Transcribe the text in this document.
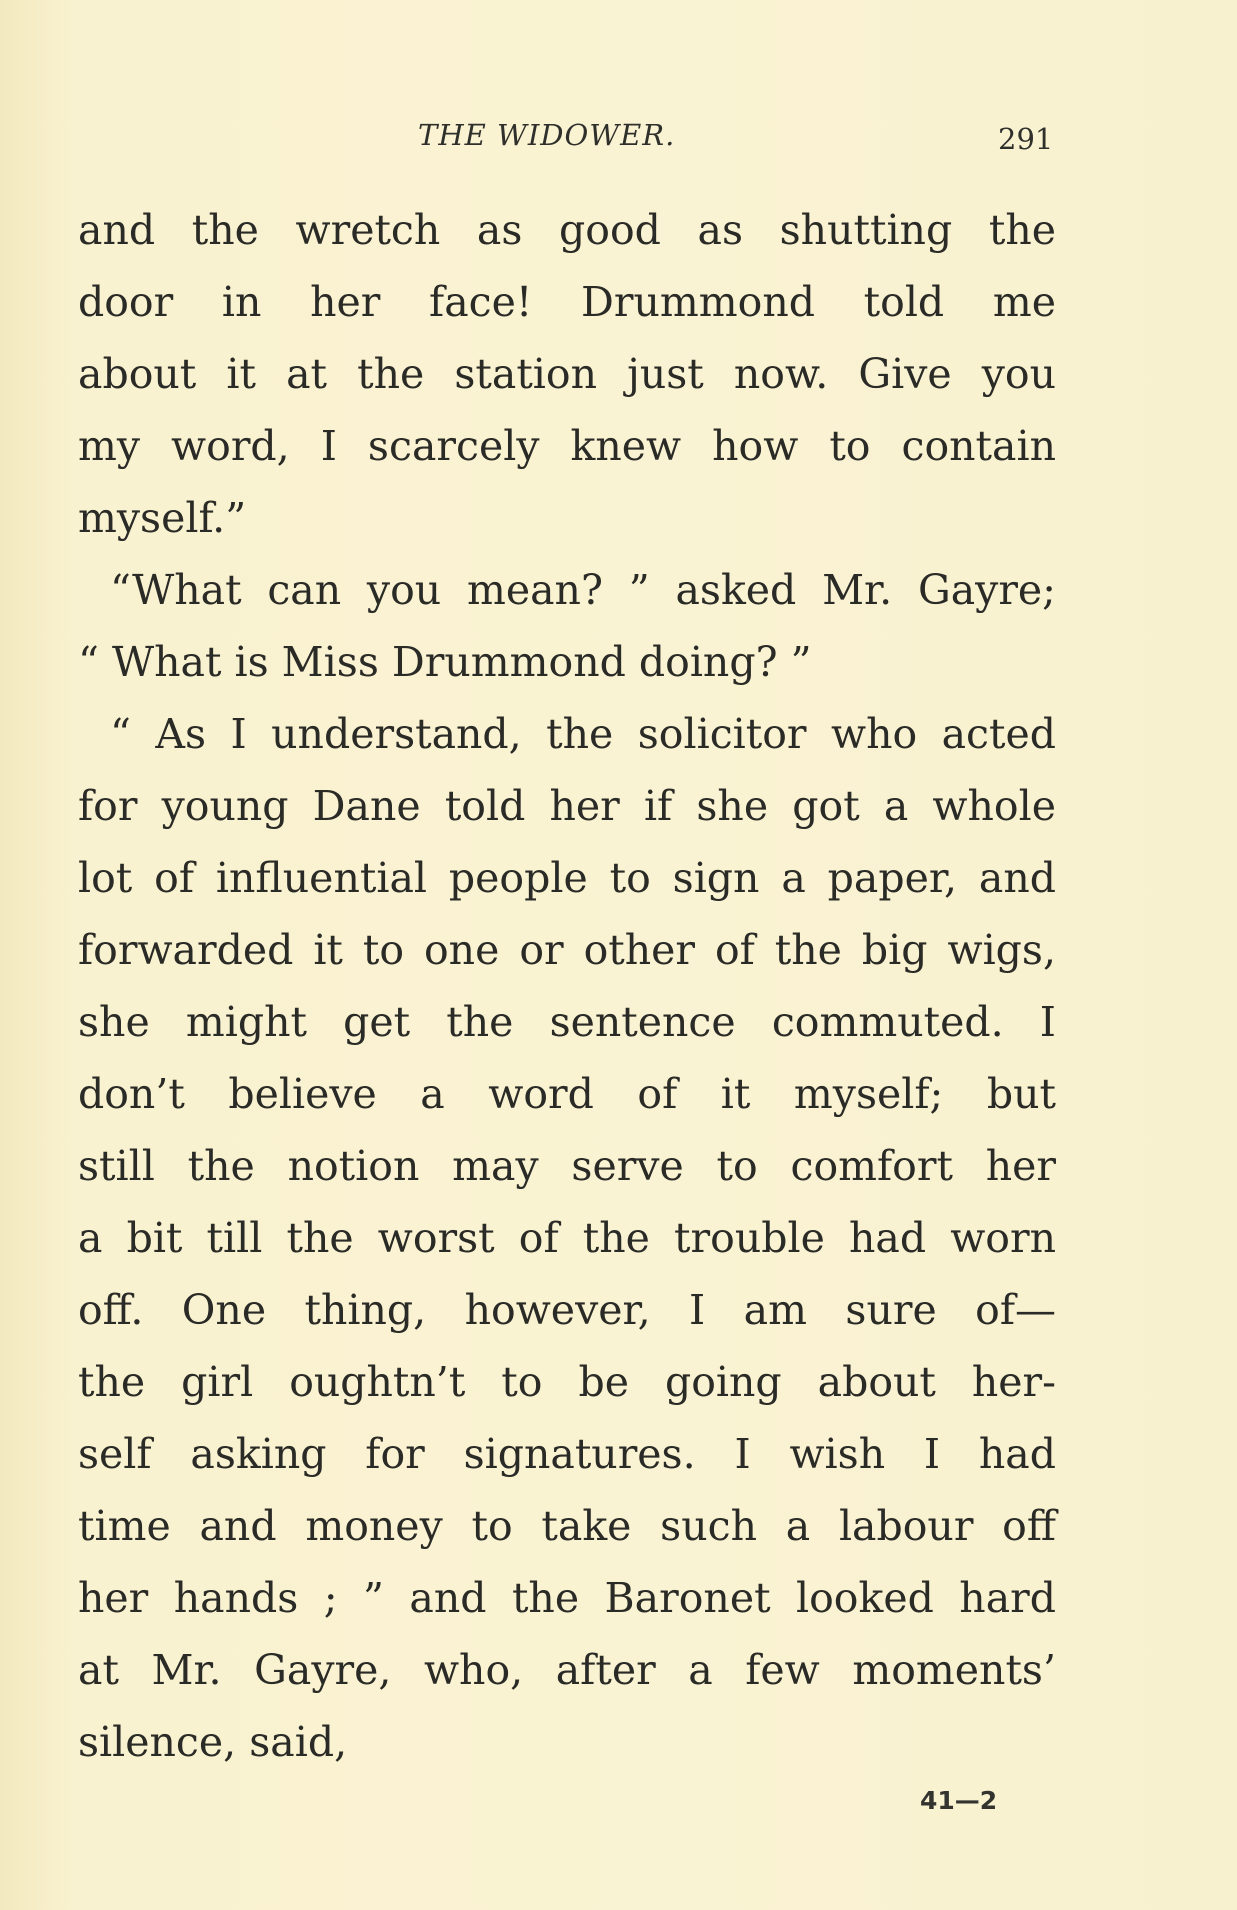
THE WIDOWER.	291
and the wretch as good as shutting the
door in her face! Drummond told me
about it at the station just now. Give you
my word, I scarcely knew how to contain
myself.”
“What can you mean? ” asked Mr. Gayre;
“ What is Miss Drummond doing? ”
“ As I understand, the solicitor who acted
for young Dane told her if she got a whole
lot of influential people to sign a paper, and
forwarded it to one or other of the big wigs,
she might get the sentence commuted. I
don’t believe a word of it myself; but
still the notion may serve to comfort her
a bit till the worst of the trouble had worn
off. One thing, however, I am sure of—
the girl oughtn’t to be going about her-
self asking for signatures. I wish I had
time and money to take such a labour off
her hands ; ” and the Baronet looked hard
at Mr. Gayre, who, after a few moments’
silence, said,
41—2
